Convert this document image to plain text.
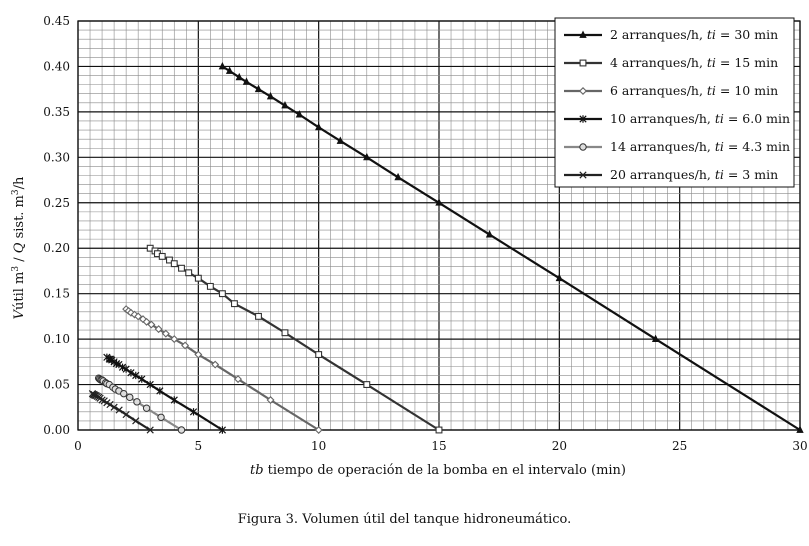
0	5	10	15	20	25	30
0.00
0.05
0.10
0.15
0.20
0.25
0.30
0.35
0.40
0.45
Vútil $m^3$ / Q sist. $m^3/h$
tb tiempo de operación de la bomba en el intervalo (min)
2 arranques/h, ti = 30 min
4 arranques/h, ti = 15 min
6 arranques/h, ti = 10 min
10 arranques/h, ti = 6.0 min
14 arranques/h, ti = 4.3 min
20 arranques/h, ti = 3 min
Figura 3. Volumen útil del tanque hidroneumático.
